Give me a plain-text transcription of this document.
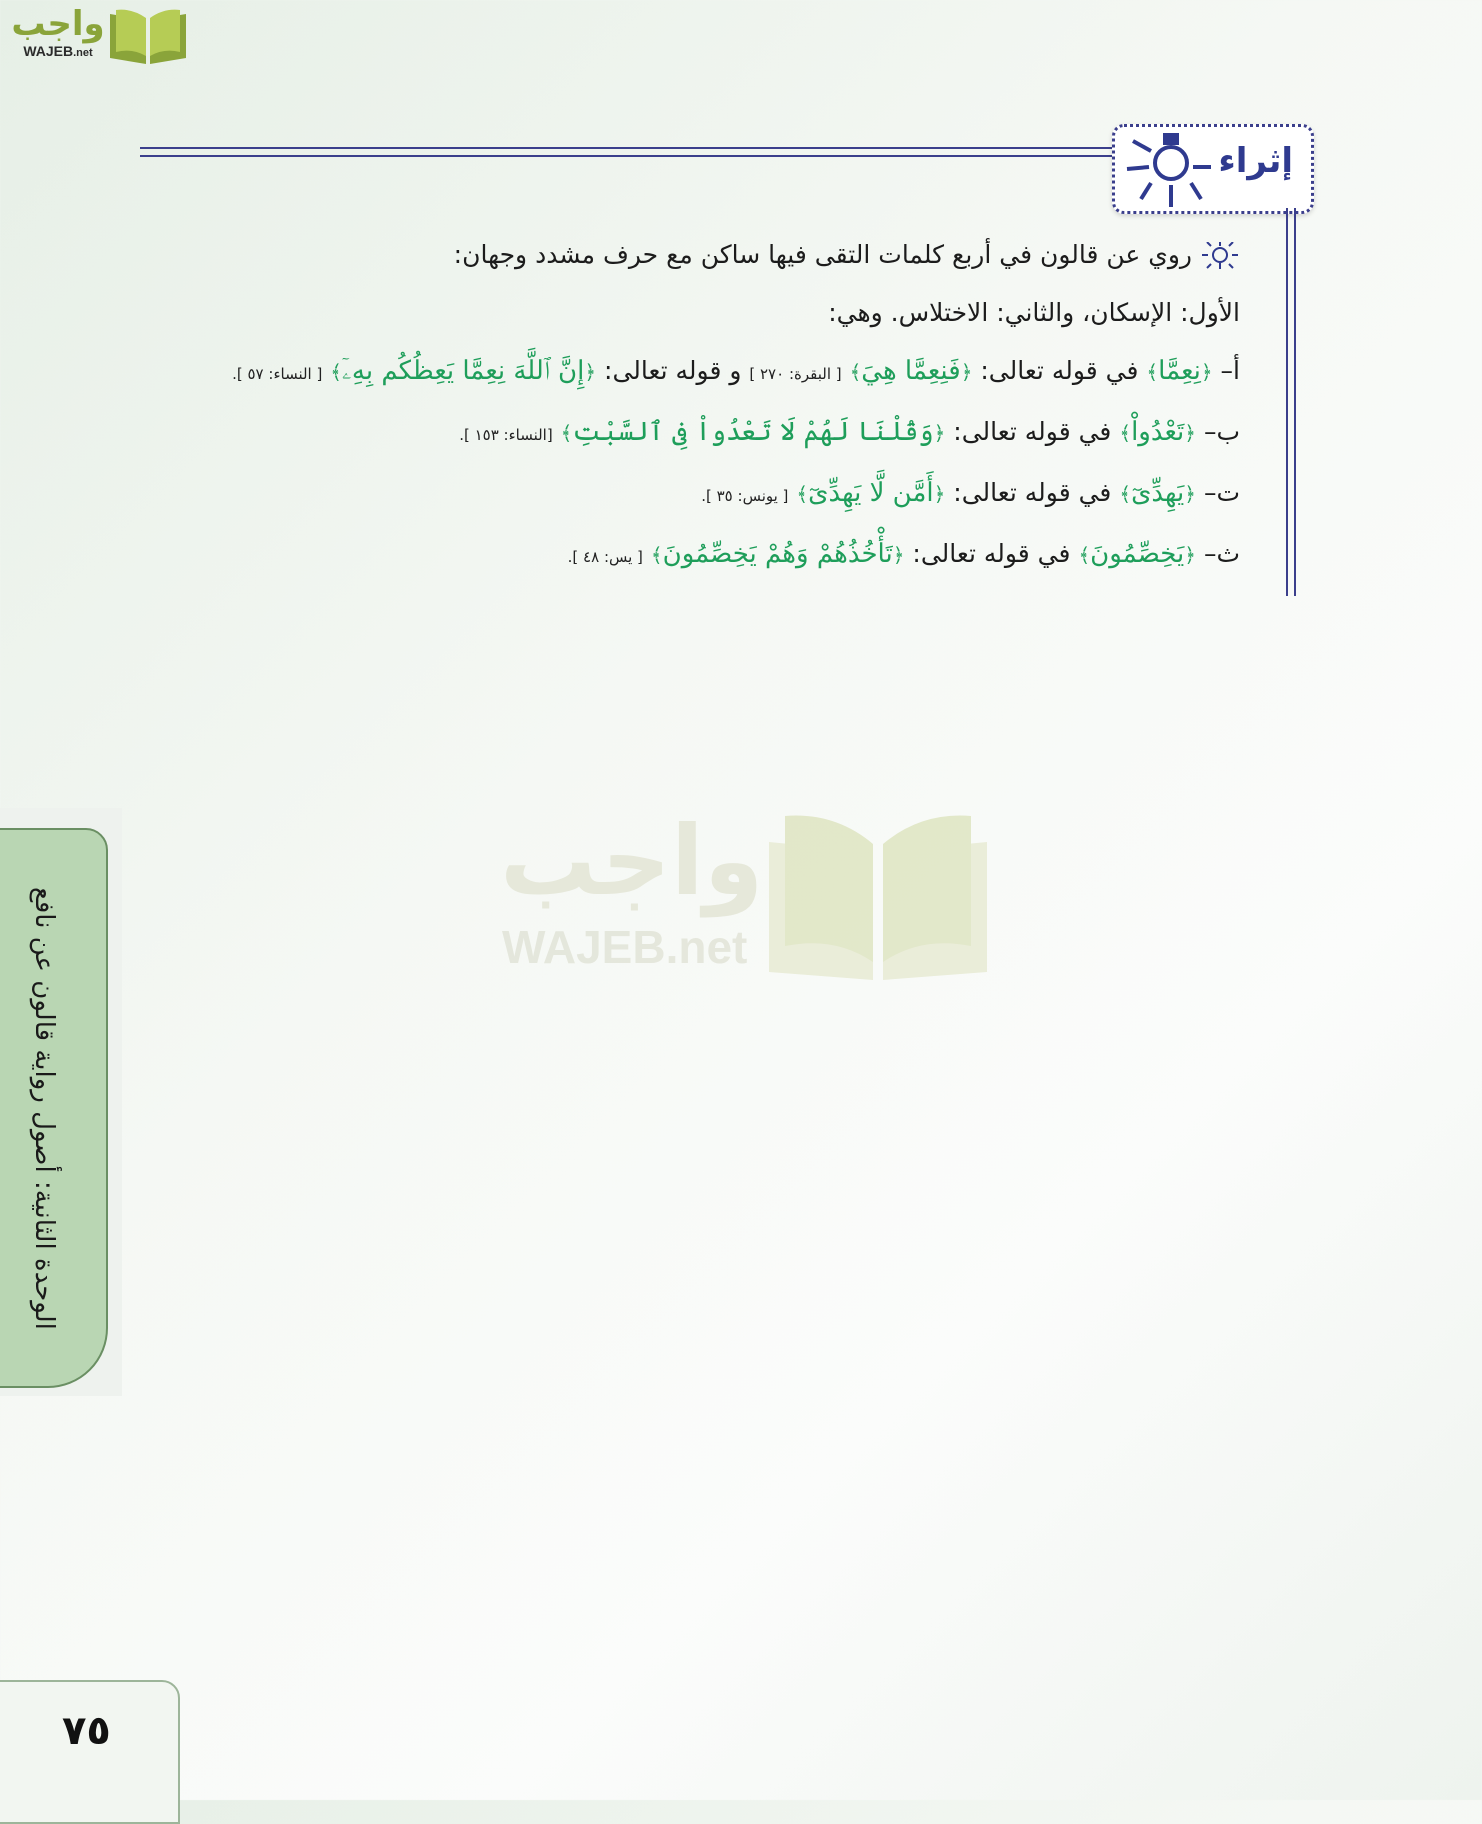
واجب
WAJEB.net
إثراء
روي عن قالون في أربع كلمات التقى فيها ساكن مع حرف مشدد وجهان:
الأول: الإسكان، والثاني: الاختلاس. وهي:
أ– ﴿نِعِمَّا﴾ في قوله تعالى: ﴿فَنِعِمَّا هِيَ﴾ [ البقرة: ٢٧٠ ] و قوله تعالى: ﴿إِنَّ ٱللَّهَ نِعِمَّا يَعِظُكُم بِهِۦٓ﴾ [ النساء: ٥٧ ].
ب– ﴿تَعْدُواْ﴾ في قوله تعالى: ﴿وَقُلْنَا لَهُمْ لَا تَعْدُواْ فِى ٱلسَّبْتِ﴾ [النساء: ١٥٣ ].
ت– ﴿يَهِدِّىٓ﴾ في قوله تعالى: ﴿أَمَّن لَّا يَهِدِّىٓ﴾ [ يونس: ٣٥ ].
ث– ﴿يَخِصِّمُونَ﴾ في قوله تعالى: ﴿تَأْخُذُهُمْ وَهُمْ يَخِصِّمُونَ﴾ [ يس: ٤٨ ].
واجب
WAJEB.net
الوحدة الثانية: أصول رواية قالون عن نافع
٧٥
